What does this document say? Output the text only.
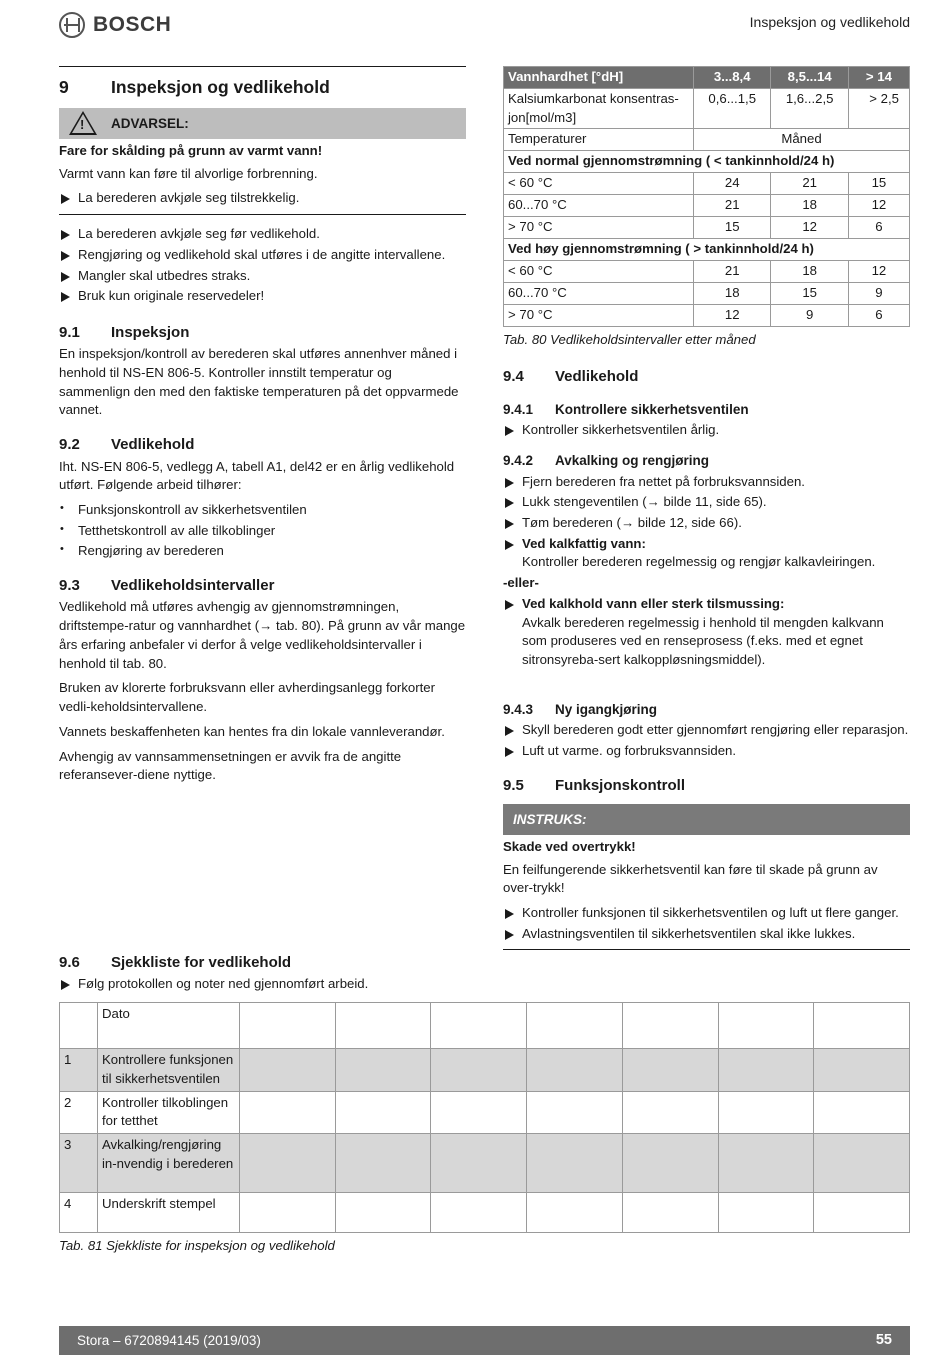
BOSCH	Inspeksjon og vedlikehold
9	Inspeksjon og vedlikehold
!
ADVARSEL:

Fare for skålding på grunn av varmt vann!

Varmt vann kan føre til alvorlige forbrenning.

La berederen avkjøle seg tilstrekkelig.
La berederen avkjøle seg før vedlikehold.
Rengjøring og vedlikehold skal utføres i de angitte intervallene.
Mangler skal utbedres straks.
Bruk kun originale reservedeler!
9.1	Inspeksjon

En inspeksjon/kontroll av berederen skal utføres annenhver måned i henhold til NS-EN 806-5. Kontroller innstilt temperatur og sammenlign den med den faktiske temperaturen på det oppvarmede vannet.

9.2	Vedlikehold

Iht. NS-EN 806-5, vedlegg A, tabell A1, del42 er en årlig vedlikehold utført. Følgende arbeid tilhører:

• Funksjonskontroll av sikkerhetsventilen
• Tetthetskontroll av alle tilkoblinger
• Rengjøring av berederen
9.3	Vedlikeholdsintervaller

Vedlikehold må utføres avhengig av gjennomstrømningen, driftstempe-ratur og vannhardhet (→ tab. 80). På grunn av vår mange års erfaring anbefaler vi derfor å velge vedlikeholdsintervaller i henhold til tab. 80.

Bruken av klorerte forbruksvann eller avherdingsanlegg forkorter vedli-keholdsintervallene.

Vannets beskaffenheten kan hentes fra din lokale vannleverandør.

Avhengig av vannsammensetningen er avvik fra de angitte referansever-diene nyttige.

Vannhardhet [°dH]	3...8,4	8,5...14	> 14
Kalsiumkarbonat konsentras-jon[mol/m3]	0,6...1,5	1,6...2,5	> 2,5
Temperaturer	Måned		
Ved normal gjennomstrømning ( < tankinnhold/24 h)			
< 60 °C	24	21	15
60...70 °C	21	18	12
> 70 °C	15	12	6
Ved høy gjennomstrømning ( > tankinnhold/24 h)			
< 60 °C	21	18	12
60...70 °C	18	15	9
> 70 °C	12	9	6
Tab. 80 Vedlikeholdsintervaller etter måned
9.4	Vedlikehold
9.4.1	Kontrollere sikkerhetsventilen
Kontroller sikkerhetsventilen årlig.
9.4.2	Avkalking og rengjøring
Fjern berederen fra nettet på forbruksvannsiden.
Lukk stengeventilen (→ bilde 11, side 65).
Tøm berederen (→ bilde 12, side 66).
Ved kalkfattig vann:
Kontroller berederen regelmessig og rengjør kalkavleiringen.
-eller-
Ved kalkhold vann eller sterk tilsmussing:
Avkalk berederen regelmessig i henhold til mengden kalkvann som produseres ved en renseprosess (f.eks. med et egnet sitronsyreba-sert kalkoppløsningsmiddel).
9.4.3	Ny igangkjøring
Skyll berederen godt etter gjennomført rengjøring eller reparasjon.
Luft ut varme. og forbruksvannsiden.
9.5	Funksjonskontroll
INSTRUKS:

Skade ved overtrykk!

En feilfungerende sikkerhetsventil kan føre til skade på grunn av over-trykk!

Kontroller funksjonen til sikkerhetsventilen og luft ut flere ganger.
Avlastningsventilen til sikkerhetsventilen skal ikke lukkes.
9.6	Sjekkliste for vedlikehold
Følg protokollen og noter ned gjennomført arbeid.
	Dato							
1	Kontrollere funksjonen til sikkerhetsventilen							
2	Kontroller tilkoblingen for tetthet							
3	Avkalking/rengjøring in-nvendig i berederen							
4	Underskrift stempel							
Tab. 81 Sjekkliste for inspeksjon og vedlikehold
Stora – 6720894145 (2019/03)	55
